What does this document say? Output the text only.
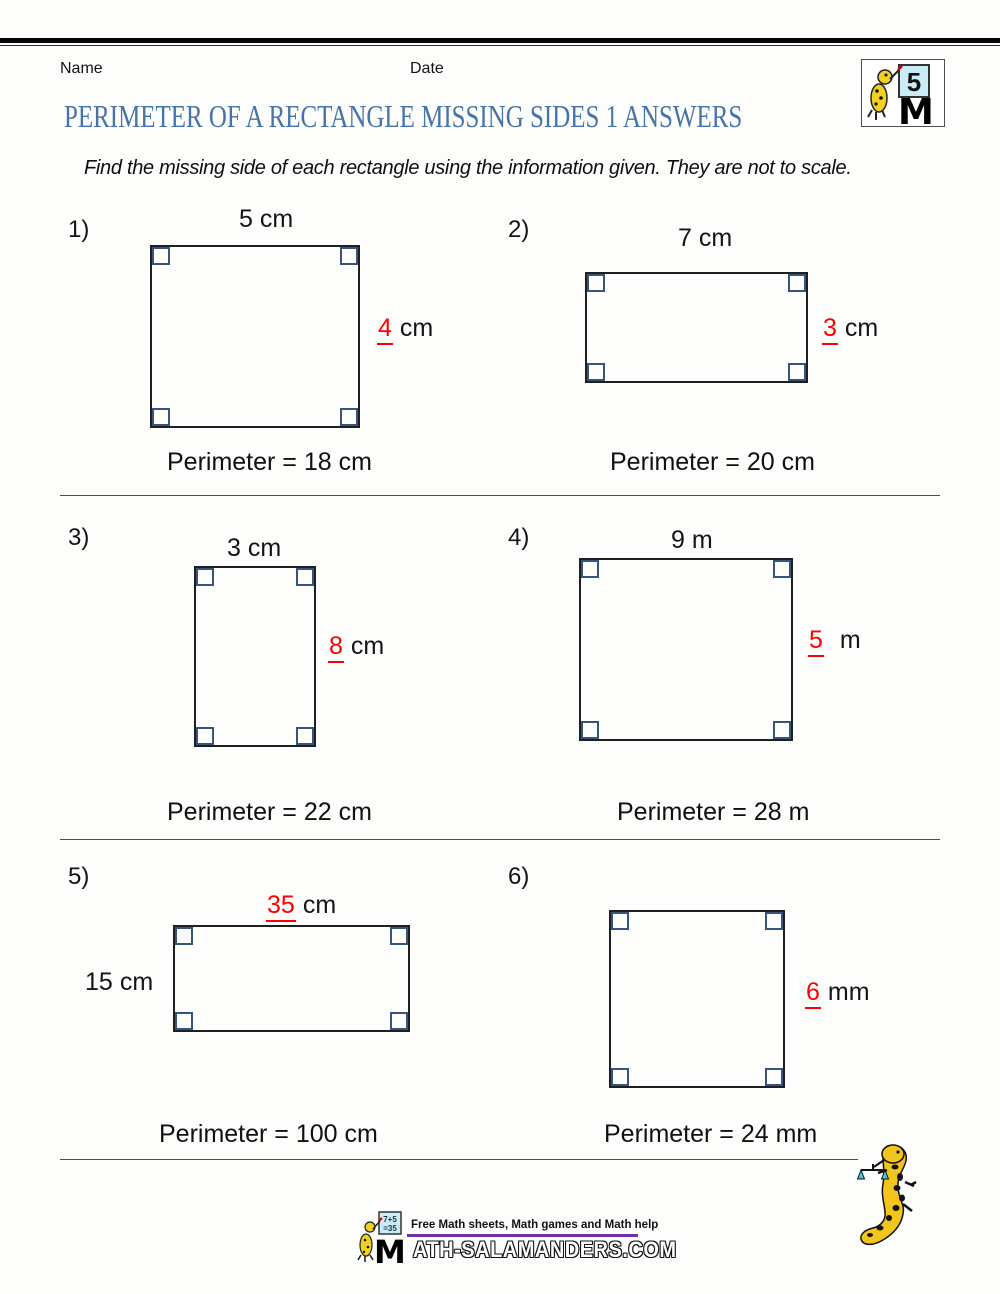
Name	Date	5
M
PERIMETER OF A RECTANGLE MISSING SIDES 1 ANSWERS

Find the missing side of each rectangle using the information given. They are not to scale.

1)	5 cm
4 cm
Perimeter = 18 cm
2)	7 cm
3 cm
Perimeter = 20 cm
3)	3 cm
8 cm
Perimeter = 22 cm
4)	9 m
5 m
Perimeter = 28 m
5)
35 cm
15 cm
Perimeter = 100 cm
6)
6 mm
Perimeter = 24 mm
7+5
=35
M
Free Math sheets, Math games and Math help
ATH-SALAMANDERS.COM
